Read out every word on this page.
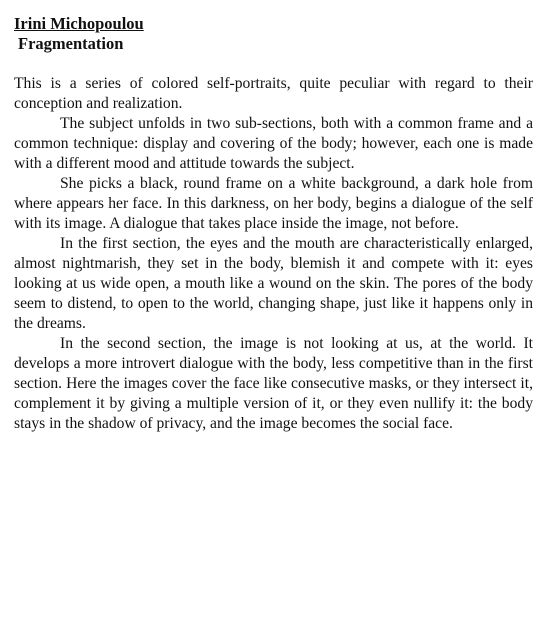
Irini Michopoulou
Fragmentation

This is a series of colored self-portraits, quite peculiar with regard to their conception and realization.

The subject unfolds in two sub-sections, both with a common frame and a common technique: display and covering of the body; however, each one is made with a different mood and attitude towards the subject.

She picks a black, round frame on a white background, a dark hole from where appears her face. In this darkness, on her body, begins a dialogue of the self with its image. A dialogue that takes place inside the image, not before.

In the first section, the eyes and the mouth are characteristically enlarged, almost nightmarish, they set in the body, blemish it and compete with it: eyes looking at us wide open, a mouth like a wound on the skin. The pores of the body seem to distend, to open to the world, changing shape, just like it happens only in the dreams.

In the second section, the image is not looking at us, at the world. It develops a more introvert dialogue with the body, less competitive than in the first section. Here the images cover the face like consecutive masks, or they intersect it, complement it by giving a multiple version of it, or they even nullify it: the body stays in the shadow of privacy, and the image becomes the social face.
